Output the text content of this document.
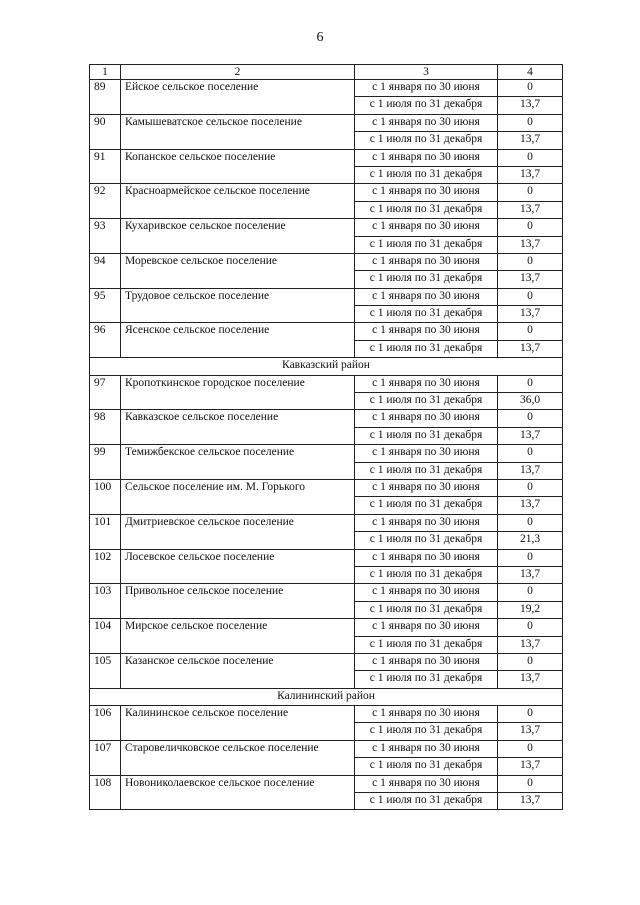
6
1	2	3	4
89	Ейское сельское поселение	с 1 января по 30 июня	0
		с 1 июля по 31 декабря	13,7
90	Камышеватское сельское поселение	с 1 января по 30 июня	0
		с 1 июля по 31 декабря	13,7
91	Копанское сельское поселение	с 1 января по 30 июня	0
		с 1 июля по 31 декабря	13,7
92	Красноармейское сельское поселение	с 1 января по 30 июня	0
		с 1 июля по 31 декабря	13,7
93	Кухаривское сельское поселение	с 1 января по 30 июня	0
		с 1 июля по 31 декабря	13,7
94	Моревское сельское поселение	с 1 января по 30 июня	0
		с 1 июля по 31 декабря	13,7
95	Трудовое сельское поселение	с 1 января по 30 июня	0
		с 1 июля по 31 декабря	13,7
96	Ясенское сельское поселение	с 1 января по 30 июня	0
		с 1 июля по 31 декабря	13,7
Кавказский район			
97	Кропоткинское городское поселение	с 1 января по 30 июня	0
		с 1 июля по 31 декабря	36,0
98	Кавказское сельское поселение	с 1 января по 30 июня	0
		с 1 июля по 31 декабря	13,7
99	Темижбекское сельское поселение	с 1 января по 30 июня	0
		с 1 июля по 31 декабря	13,7
100	Сельское поселение им. М. Горького	с 1 января по 30 июня	0
		с 1 июля по 31 декабря	13,7
101	Дмитриевское сельское поселение	с 1 января по 30 июня	0
		с 1 июля по 31 декабря	21,3
102	Лосевское сельское поселение	с 1 января по 30 июня	0
		с 1 июля по 31 декабря	13,7
103	Привольное сельское поселение	с 1 января по 30 июня	0
		с 1 июля по 31 декабря	19,2
104	Мирское сельское поселение	с 1 января по 30 июня	0
		с 1 июля по 31 декабря	13,7
105	Казанское сельское поселение	с 1 января по 30 июня	0
		с 1 июля по 31 декабря	13,7
Калининский район			
106	Калининское сельское поселение	с 1 января по 30 июня	0
		с 1 июля по 31 декабря	13,7
107	Старовеличковское сельское поселение	с 1 января по 30 июня	0
		с 1 июля по 31 декабря	13,7
108	Новониколаевское сельское поселение	с 1 января по 30 июня	0
		с 1 июля по 31 декабря	13,7
